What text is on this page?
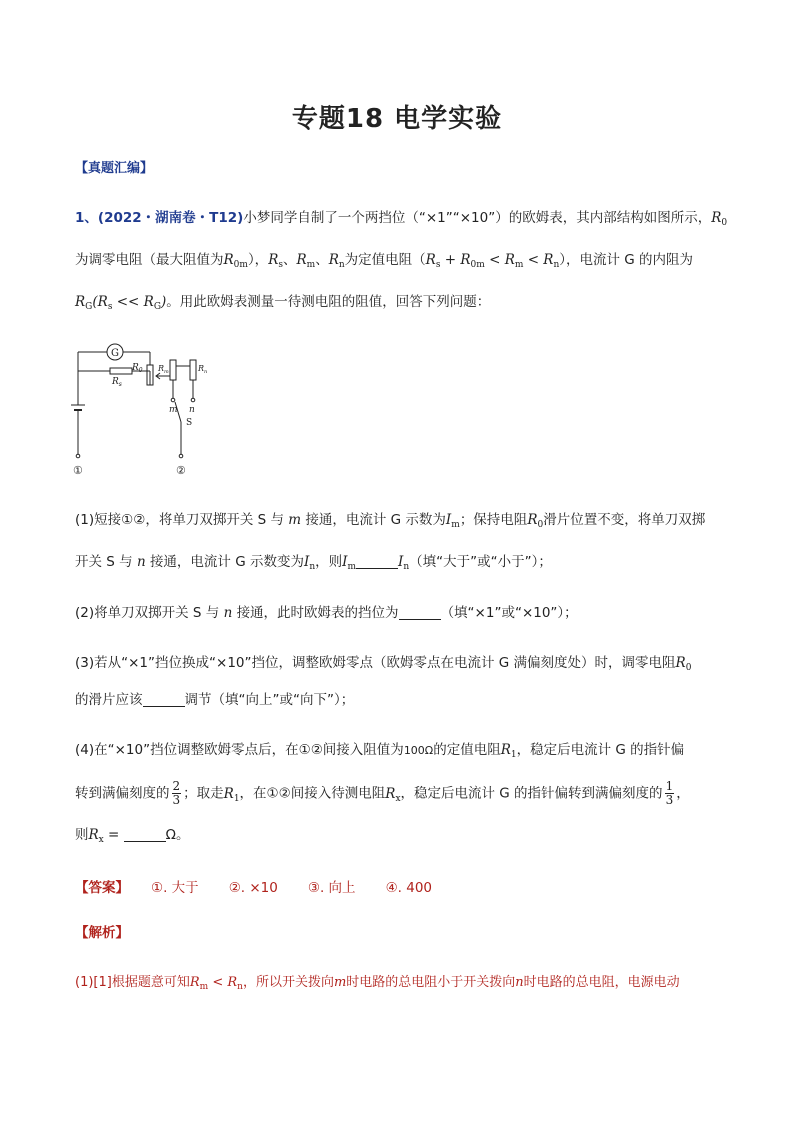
专题18 电学实验
【真题汇编】
1、(2022・湖南卷・T12)小梦同学自制了一个两挡位（“×1”“×10”）的欧姆表，其内部结构如图所示，$R_0$
为调零电阻（最大阻值为$R_{0m}$），$R_s$、$R_m$、$R_n$为定值电阻$(R_s + R_{0m} < R_m < R_n)$，电流计 G 的内阻为
$R_G(R_s << R_G)$。用此欧姆表测量一待测电阻的阻值，回答下列问题：
G
$R_0$
$R_s$
$R_m$	$R_n$
m n
S
①	②
(1)短接①②，将单刀双掷开关 S 与 m 接通，电流计 G 示数为$I_m$；保持电阻$R_0$滑片位置不变，将单刀双掷
开关 S 与 n 接通，电流计 G 示数变为$I_n$，则$I_m$	$I_n$（填“大于”或“小于”）；
(2)将单刀双掷开关 S 与 n 接通，此时欧姆表的挡位为	（填“×1”或“×10”）；
(3)若从“×1”挡位换成“×10”挡位，调整欧姆零点（欧姆零点在电流计 G 满偏刻度处）时，调零电阻$R_0$
的滑片应该	调节（填“向上”或“向下”）；
(4)在“×10”挡位调整欧姆零点后，在①②间接入阻值为100Ω的定值电阻$R_1$，稳定后电流计 G 的指针偏
转到满偏刻度的 $\frac{2}{3}$ ；取走$R_1$，在①②间接入待测电阻$R_x$，稳定后电流计 G 的指针偏转到满偏刻度的 $\frac{1}{3}$ ，
则$R_x$ =	Ω。
【答案】 ①. 大于 ②. ×10 ③. 向上 ④. 400
【解析】
(1)[1]根据题意可知$R_m < R_n$，所以开关拨向m时电路的总电阻小于开关拨向n时电路的总电阻，电源电动
